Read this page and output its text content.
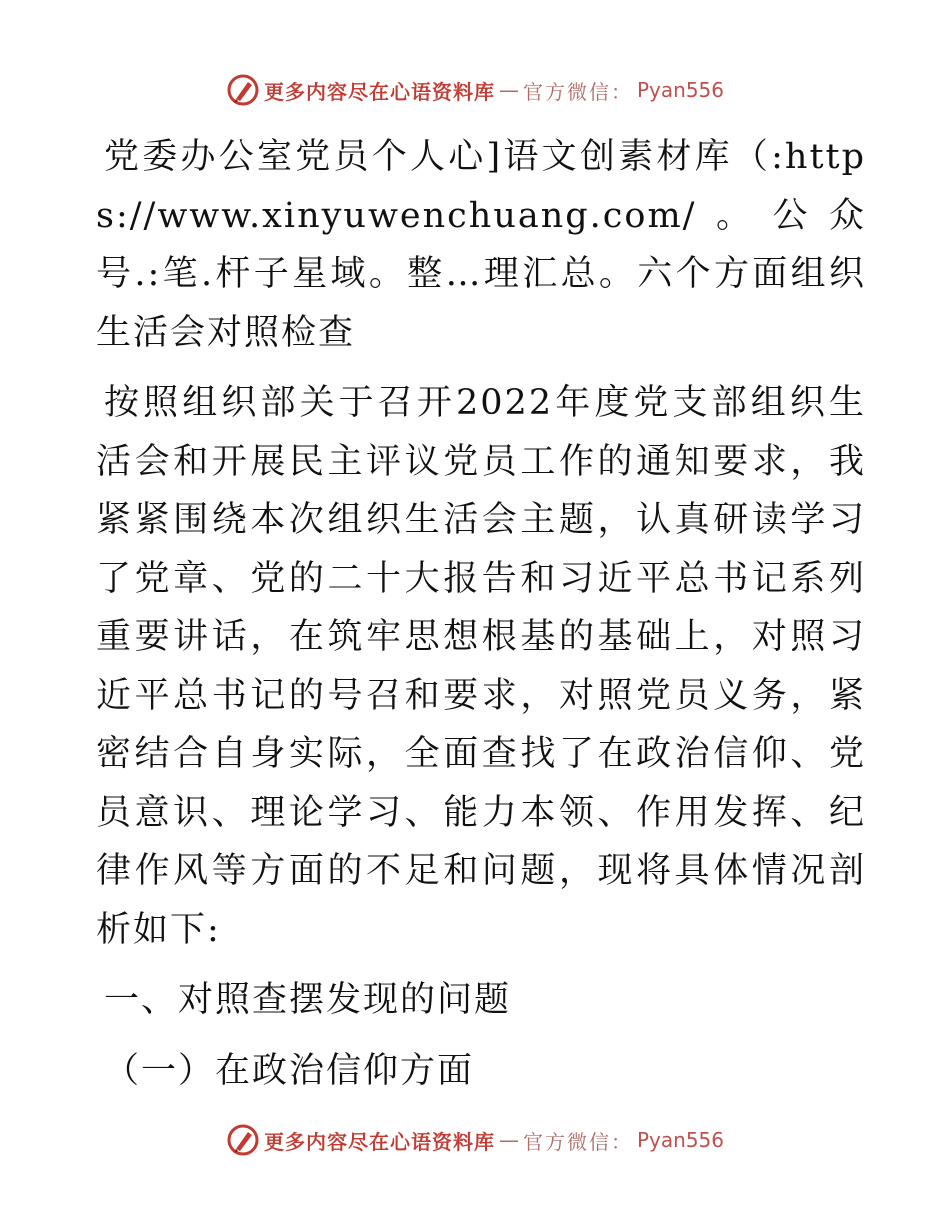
更多内容尽在心语资料库 — 官方微信： Pyan556

党委办公室党员个人心]语文创素材库（:https://www.xinyuwenchuang.com/。公众号.:笔.杆子星域。整…理汇总。六个方面组织生活会对照检查

按照组织部关于召开2022年度党支部组织生活会和开展民主评议党员工作的通知要求，我紧紧围绕本次组织生活会主题，认真研读学习了党章、党的二十大报告和习近平总书记系列重要讲话，在筑牢思想根基的基础上，对照习近平总书记的号召和要求，对照党员义务，紧密结合自身实际，全面查找了在政治信仰、党员意识、理论学习、能力本领、作用发挥、纪律作风等方面的不足和问题，现将具体情况剖析如下:

一、对照查摆发现的问题

（一）在政治信仰方面

更多内容尽在心语资料库 — 官方微信： Pyan556
